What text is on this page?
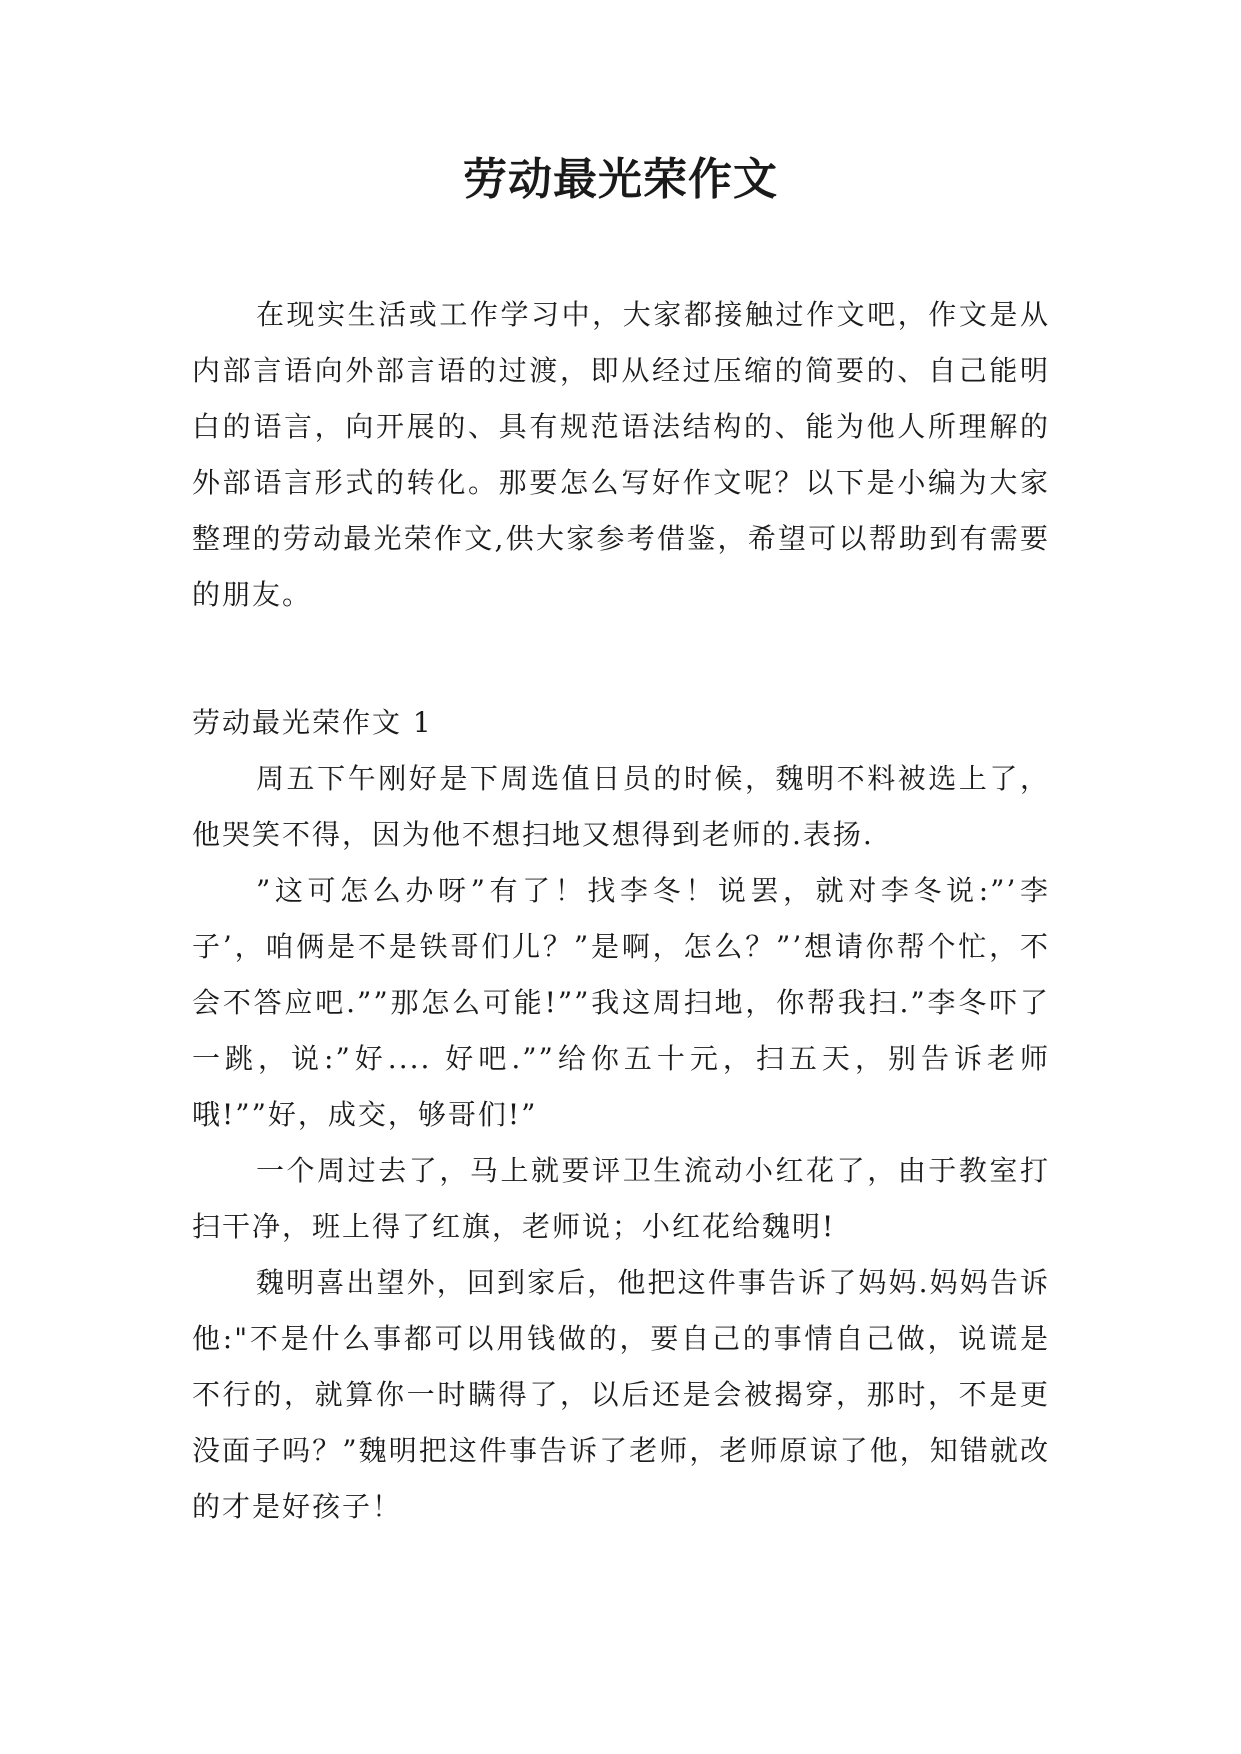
劳动最光荣作文

在现实生活或工作学习中，大家都接触过作文吧，作文是从内部言语向外部言语的过渡，即从经过压缩的简要的、自己能明白的语言，向开展的、具有规范语法结构的、能为他人所理解的外部语言形式的转化。那要怎么写好作文呢？以下是小编为大家整理的劳动最光荣作文,供大家参考借鉴，希望可以帮助到有需要的朋友。

劳动最光荣作文 1

周五下午刚好是下周选值日员的时候，魏明不料被选上了，他哭笑不得，因为他不想扫地又想得到老师的.表扬.

”这可怎么办呀”有了！找李冬！说罢，就对李冬说:”’李子’，咱俩是不是铁哥们儿？”是啊，怎么？”’想请你帮个忙，不会不答应吧.””那怎么可能!””我这周扫地，你帮我扫.”李冬吓了一跳，说:”好.... 好吧.””给你五十元，扫五天，别告诉老师哦!””好，成交，够哥们!”

一个周过去了，马上就要评卫生流动小红花了，由于教室打扫干净，班上得了红旗，老师说；小红花给魏明!

魏明喜出望外，回到家后，他把这件事告诉了妈妈.妈妈告诉他:"不是什么事都可以用钱做的，要自己的事情自己做，说谎是不行的，就算你一时瞒得了，以后还是会被揭穿，那时，不是更没面子吗？”魏明把这件事告诉了老师，老师原谅了他，知错就改的才是好孩子！
